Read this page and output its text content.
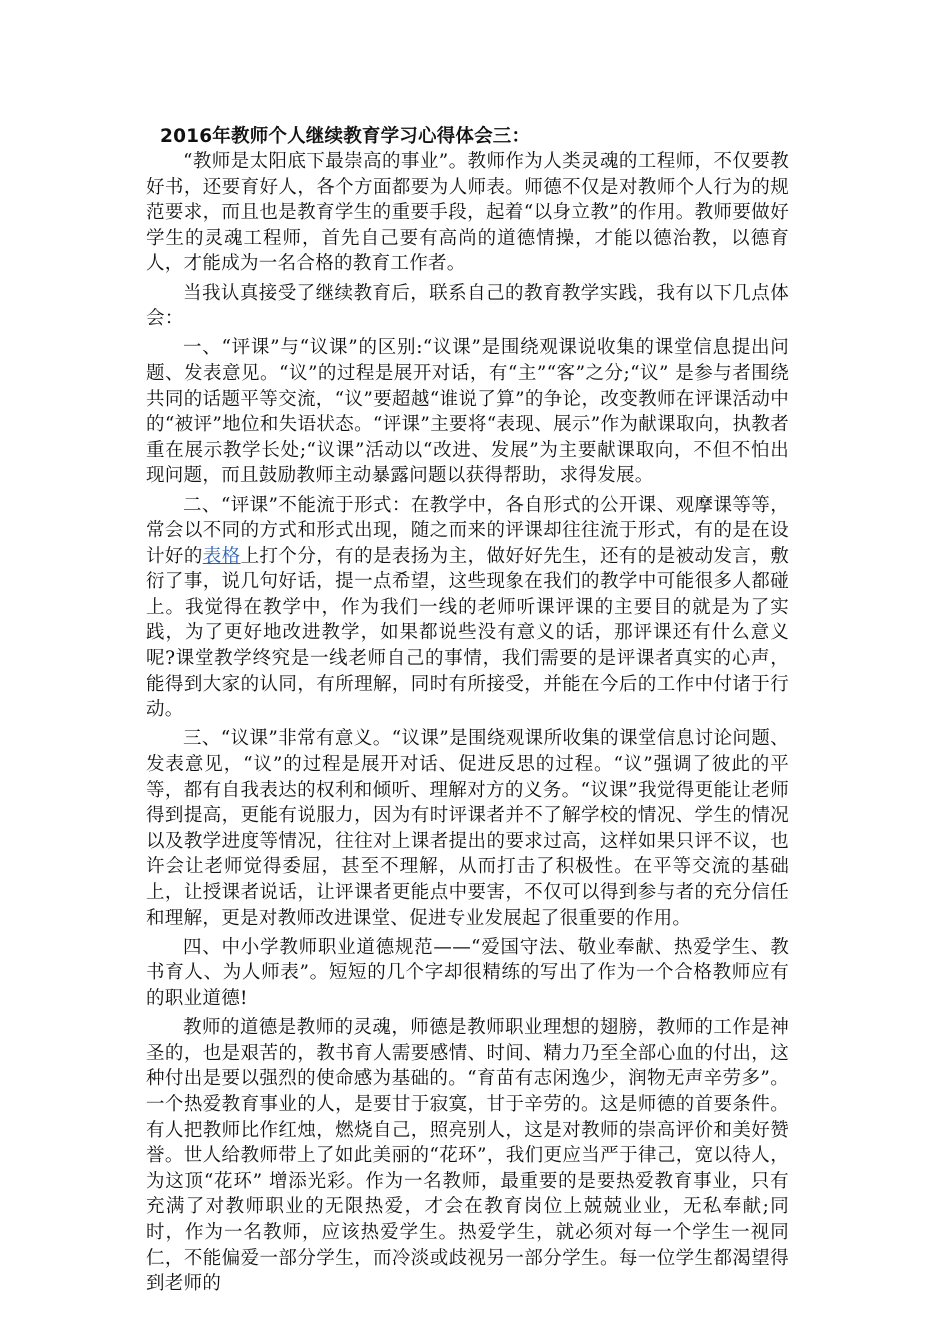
2016年教师个人继续教育学习心得体会三：

“教师是太阳底下最崇高的事业”。教师作为人类灵魂的工程师，不仅要教好书，还要育好人，各个方面都要为人师表。师德不仅是对教师个人行为的规范要求，而且也是教育学生的重要手段，起着“以身立教”的作用。教师要做好学生的灵魂工程师，首先自己要有高尚的道德情操，才能以德治教，以德育人，才能成为一名合格的教育工作者。

当我认真接受了继续教育后，联系自己的教育教学实践，我有以下几点体会：

一、“评课”与“议课”的区别:“议课”是围绕观课说收集的课堂信息提出问题、发表意见。“议”的过程是展开对话，有“主”“客”之分;“议” 是参与者围绕共同的话题平等交流，“议”要超越“谁说了算”的争论，改变教师在评课活动中的“被评”地位和失语状态。“评课”主要将“表现、展示”作为献课取向，执教者重在展示教学长处;“议课”活动以“改进、发展”为主要献课取向，不但不怕出现问题，而且鼓励教师主动暴露问题以获得帮助，求得发展。

二、“评课”不能流于形式：在教学中，各自形式的公开课、观摩课等等，常会以不同的方式和形式出现，随之而来的评课却往往流于形式，有的是在设计好的表格上打个分，有的是表扬为主，做好好先生，还有的是被动发言，敷衍了事，说几句好话，提一点希望，这些现象在我们的教学中可能很多人都碰上。我觉得在教学中，作为我们一线的老师听课评课的主要目的就是为了实践，为了更好地改进教学，如果都说些没有意义的话，那评课还有什么意义呢?课堂教学终究是一线老师自己的事情，我们需要的是评课者真实的心声，能得到大家的认同，有所理解，同时有所接受，并能在今后的工作中付诸于行动。

三、“议课”非常有意义。“议课”是围绕观课所收集的课堂信息讨论问题、发表意见，“议”的过程是展开对话、促进反思的过程。“议”强调了彼此的平等，都有自我表达的权利和倾听、理解对方的义务。“议课”我觉得更能让老师得到提高，更能有说服力，因为有时评课者并不了解学校的情况、学生的情况以及教学进度等情况，往往对上课者提出的要求过高，这样如果只评不议，也许会让老师觉得委屈，甚至不理解，从而打击了积极性。在平等交流的基础上，让授课者说话，让评课者更能点中要害，不仅可以得到参与者的充分信任和理解，更是对教师改进课堂、促进专业发展起了很重要的作用。

四、中小学教师职业道德规范——“爱国守法、敬业奉献、热爱学生、教书育人、为人师表”。短短的几个字却很精练的写出了作为一个合格教师应有的职业道德!

教师的道德是教师的灵魂，师德是教师职业理想的翅膀，教师的工作是神圣的，也是艰苦的，教书育人需要感情、时间、精力乃至全部心血的付出，这种付出是要以强烈的使命感为基础的。“育苗有志闲逸少，润物无声辛劳多”。一个热爱教育事业的人，是要甘于寂寞，甘于辛劳的。这是师德的首要条件。有人把教师比作红烛，燃烧自己，照亮别人，这是对教师的崇高评价和美好赞誉。世人给教师带上了如此美丽的“花环”，我们更应当严于律己，宽以待人，为这顶“花环” 增添光彩。作为一名教师，最重要的是要热爱教育事业，只有充满了对教师职业的无限热爱，才会在教育岗位上兢兢业业，无私奉献;同时，作为一名教师，应该热爱学生。热爱学生，就必须对每一个学生一视同仁，不能偏爱一部分学生，而冷淡或歧视另一部分学生。每一位学生都渴望得到老师的
